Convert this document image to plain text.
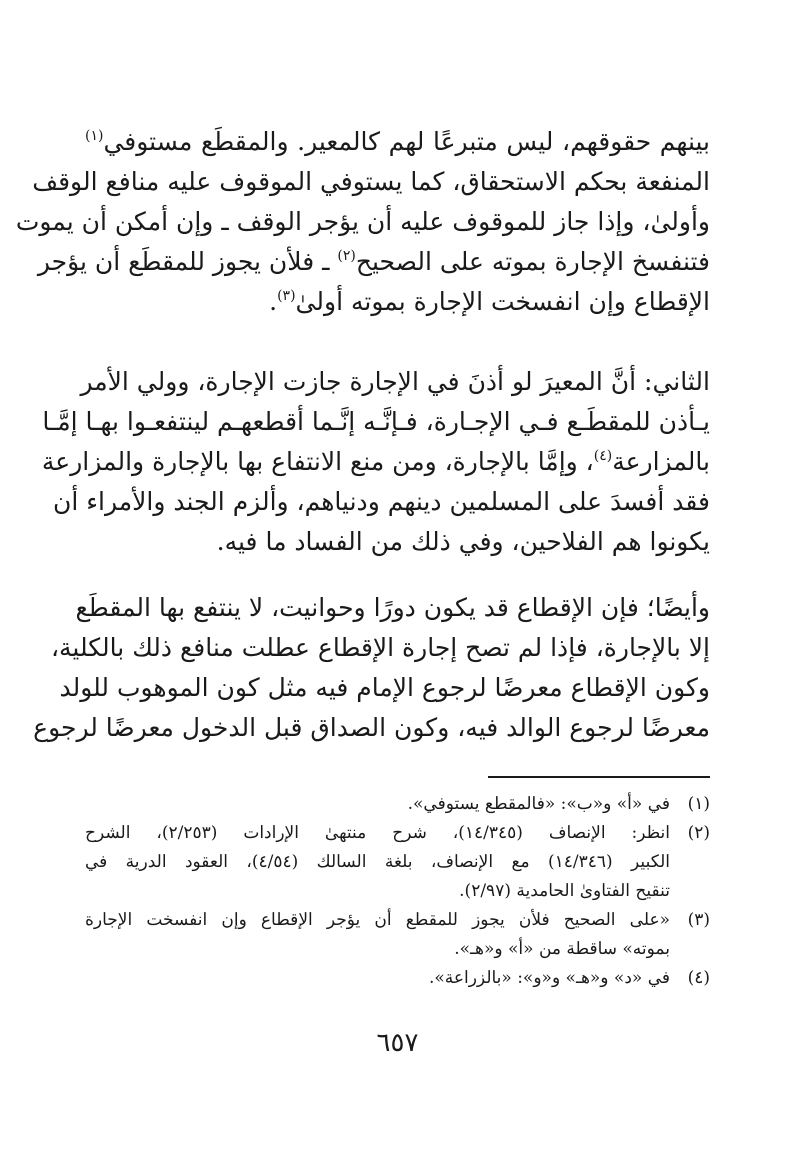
بينهم حقوقهم، ليس متبرعًا لهم كالمعير. والمقطَع مستوفي$^{(١)}$
المنفعة بحكم الاستحقاق، كما يستوفي الموقوف عليه منافع الوقف
وأولىٰ، وإذا جاز للموقوف عليه أن يؤجر الوقف ـ وإن أمكن أن يموت
فتنفسخ الإجارة بموته على الصحيح$^{(٢)}$ ـ فلأن يجوز للمقطَع أن يؤجر
الإقطاع وإن انفسخت الإجارة بموته أولىٰ$^{(٣)}$.
الثاني: أنَّ المعيرَ لو أذنَ في الإجارة جازت الإجارة، وولي الأمر
يـأذن للمقطَـع فـي الإجـارة، فـإنَّـه إنَّـما أقطعهـم لينتفعـوا بهـا إمَّـا
بالمزارعة$^{(٤)}$، وإمَّا بالإجارة، ومن منع الانتفاع بها بالإجارة والمزارعة
فقد أفسدَ على المسلمين دينهم ودنياهم، وألزم الجند والأمراء أن
يكونوا هم الفلاحين، وفي ذلك من الفساد ما فيه.
وأيضًا؛ فإن الإقطاع قد يكون دورًا وحوانيت، لا ينتفع بها المقطَع
إلا بالإجارة، فإذا لم تصح إجارة الإقطاع عطلت منافع ذلك بالكلية،
وكون الإقطاع معرضًا لرجوع الإمام فيه مثل كون الموهوب للولد
معرضًا لرجوع الوالد فيه، وكون الصداق قبل الدخول معرضًا لرجوع
(١)
في «أ» و«ب»: «فالمقطع يستوفي».
(٢)
انظر: الإنصاف (١٤/٣٤٥)، شرح منتهىٰ الإرادات (٢/٢٥٣)، الشرح
الكبير (١٤/٣٤٦) مع الإنصاف، بلغة السالك (٤/٥٤)، العقود الدرية في
تنقيح الفتاوىٰ الحامدية (٢/٩٧).
(٣)
«على الصحيح فلأن يجوز للمقطع أن يؤجر الإقطاع وإن انفسخت الإجارة
بموته» ساقطة من «أ» و«هـ».
(٤)
في «د» و«هـ» و«و»: «بالزراعة».
٦٥٧
